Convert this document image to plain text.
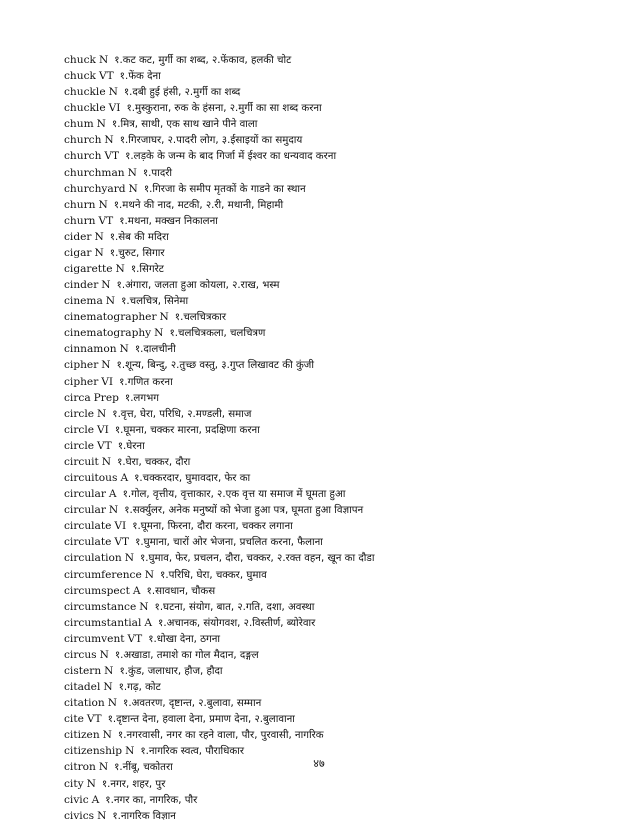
chuck N १.कट कट, मुर्गी का शब्द, २.फेंकाव, हलकी चोट
chuck VT १.फेंक देना
chuckle N १.दबी हुई हंसी, २.मुर्गी का शब्द
chuckle VI १.मुस्कुराना, रुक के हंसना, २.मुर्गी का सा शब्द करना
chum N १.मित्र, साथी, एक साथ खाने पीने वाला
church N १.गिरजाघर, २.पादरी लोग, ३.ईसाइयों का समुदाय
church VT १.लड़के के जन्म के बाद गिर्जा में ईश्वर का धन्यवाद करना
churchman N १.पादरी
churchyard N १.गिरजा के समीप मृतकों के गाडने का स्थान
churn N १.मथने की नाद, मटकी, २.री, मथानी, मिहामी
churn VT १.मथना, मक्खन निकालना
cider N १.सेब की मदिरा
cigar N १.चुरुट, सिगार
cigarette N १.सिगरेट
cinder N १.अंगारा, जलता हुआ कोयला, २.राख, भस्म
cinema N १.चलचित्र, सिनेमा
cinematographer N १.चलचित्रकार
cinematography N १.चलचित्रकला, चलचित्रण
cinnamon N १.दालचीनी
cipher N १.शून्य, बिन्दु, २.तुच्छ वस्तु, ३.गुप्त लिखावट की कुंजी
cipher VI १.गणित करना
circa Prep १.लगभग
circle N १.वृत्त, घेरा, परिधि, २.मण्डली, समाज
circle VI १.घूमना, चक्कर मारना, प्रदक्षिणा करना
circle VT १.घेरना
circuit N १.घेरा, चक्कर, दौरा
circuitous A १.चक्करदार, घुमावदार, फेर का
circular A १.गोल, वृत्तीय, वृत्ताकार, २.एक वृत्त या समाज में घूमता हुआ
circular N १.सर्क्युलर, अनेक मनुष्यों को भेजा हुआ पत्र, घूमता हुआ विज्ञापन
circulate VI १.घूमना, फिरना, दौरा करना, चक्कर लगाना
circulate VT १.घुमाना, चारों ओर भेजना, प्रचलित करना, फैलाना
circulation N १.घुमाव, फेर, प्रचलन, दौरा, चक्कर, २.रक्त वहन, खून का दौडा
circumference N १.परिधि, घेरा, चक्कर, घुमाव
circumspect A १.सावधान, चौकस
circumstance N १.घटना, संयोग, बात, २.गति, दशा, अवस्था
circumstantial A १.अचानक, संयोगवश, २.विस्तीर्ण, ब्योरेवार
circumvent VT १.धोखा देना, ठगना
circus N १.अखाडा, तमाशे का गोल मैदान, दङ्गल
cistern N १.कुंड, जलाधार, हौज, हौदा
citadel N १.गढ़, कोट
citation N १.अवतरण, दृष्टान्त, २.बुलावा, सम्मान
cite VT १.दृष्टान्त देना, हवाला देना, प्रमाण देना, २.बुलावाना
citizen N १.नगरवासी, नगर का रहने वाला, पौर, पुरवासी, नागरिक
citizenship N १.नागरिक स्वत्व, पौराधिकार
citron N १.नींबू, चकोतरा
city N १.नगर, शहर, पुर
civic A १.नगर का, नागरिक, पौर
civics N १.नागरिक विज्ञान
४७
